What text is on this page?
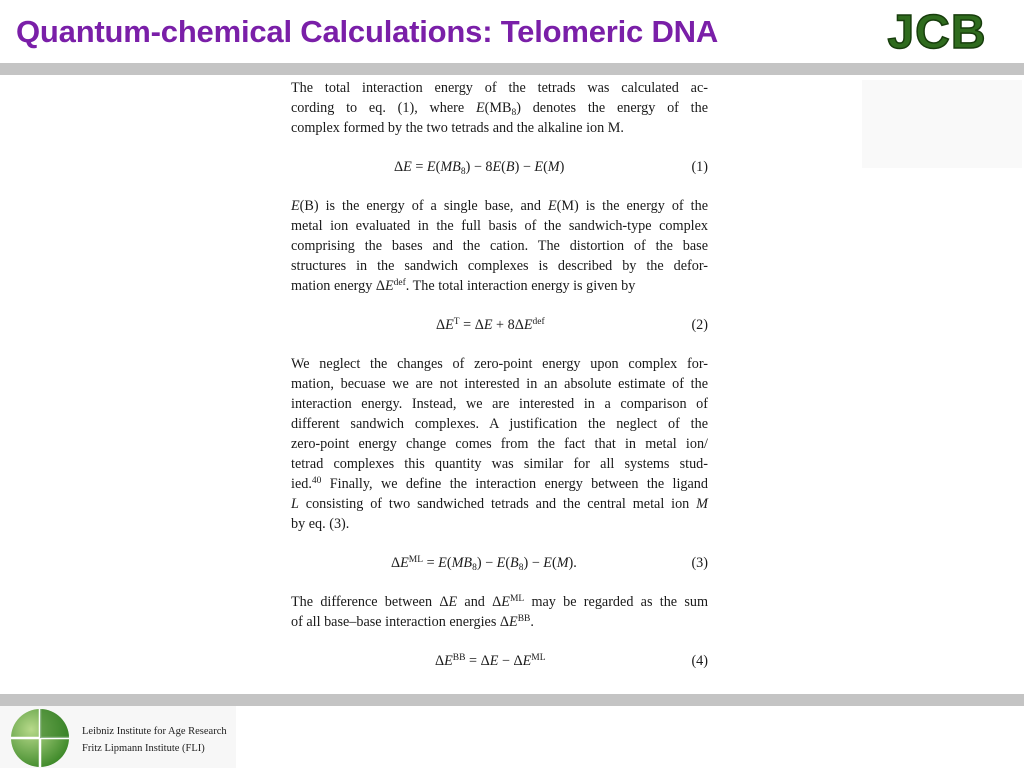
Quantum-chemical Calculations: Telomeric DNA	JCB

The total interaction energy of the tetrads was calculated ac-
cording to eq. (1), where $E(MB_8)$ denotes the energy of the
complex formed by the two tetrads and the alkaline ion M.

$\Delta E = E(MB_8) - 8E(B) - E(M)$	(1)

E(B) is the energy of a single base, and E(M) is the energy of the
metal ion evaluated in the full basis of the sandwich-type complex
comprising the bases and the cation. The distortion of the base
structures in the sandwich complexes is described by the defor-
mation energy $\Delta E^{def}$. The total interaction energy is given by

$\Delta E^T = \Delta E + 8\Delta E^{def}$	(2)

We neglect the changes of zero-point energy upon complex for-
mation, becuase we are not interested in an absolute estimate of the
interaction energy. Instead, we are interested in a comparison of
different sandwich complexes. A justification the neglect of the
zero-point energy change comes from the fact that in metal ion/
tetrad complexes this quantity was similar for all systems stud-
ied.$^{40}$ Finally, we define the interaction energy between the ligand
L consisting of two sandwiched tetrads and the central metal ion M
by eq. (3).

$\Delta E^{ML} = E(MB_8) - E(B_8) - E(M)$.	(3)

The difference between ΔE and $\Delta E^{ML}$ may be regarded as the sum
of all base–base interaction energies $\Delta E^{BB}$.

$\Delta E^{BB} = \Delta E - \Delta E^{ML}$	(4)
Leibniz Institute for Age Research
Fritz Lipmann Institute (FLI)
